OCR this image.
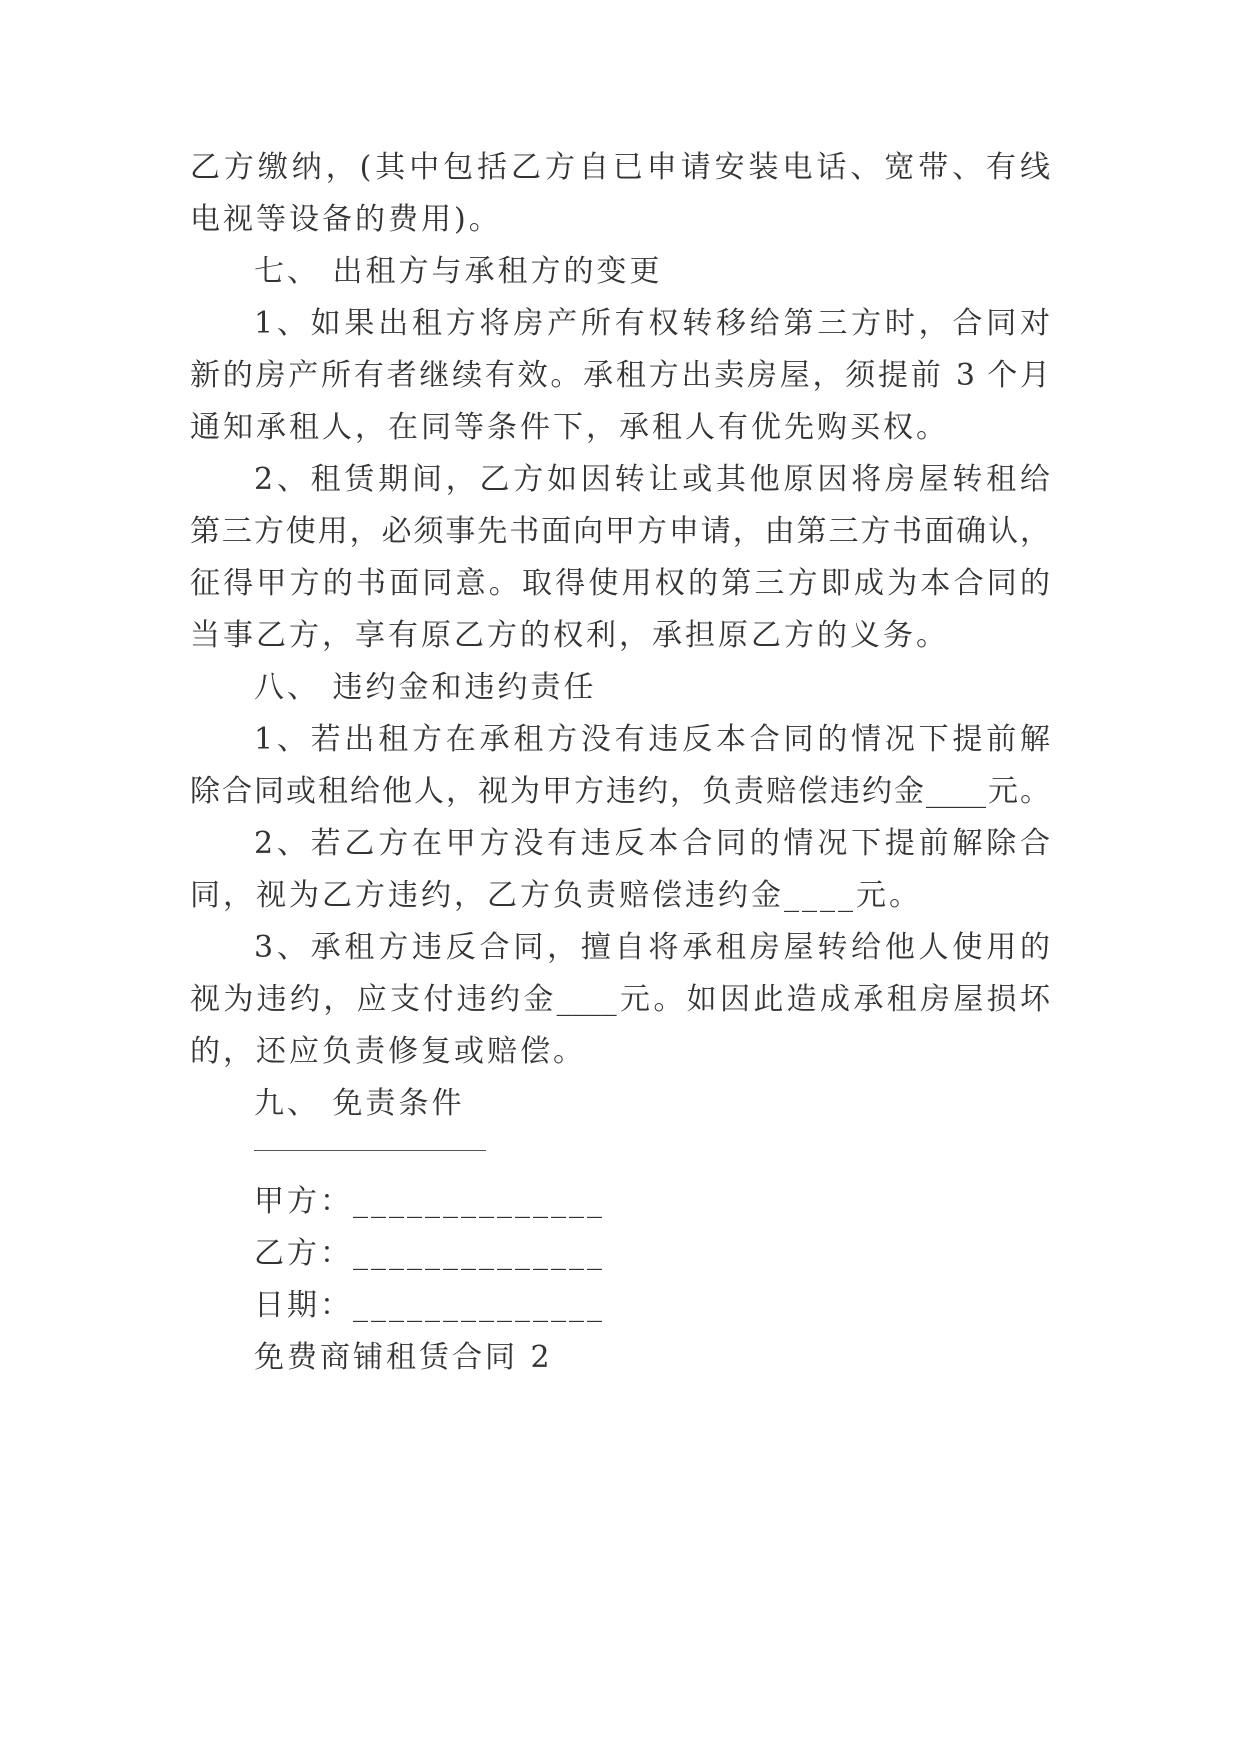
乙方缴纳，(其中包括乙方自已申请安装电话、宽带、有线
电视等设备的费用)。
七、 出租方与承租方的变更
1、如果出租方将房产所有权转移给第三方时，合同对
新的房产所有者继续有效。承租方出卖房屋，须提前 3 个月
通知承租人，在同等条件下，承租人有优先购买权。
2、租赁期间，乙方如因转让或其他原因将房屋转租给
第三方使用，必须事先书面向甲方申请，由第三方书面确认，
征得甲方的书面同意。取得使用权的第三方即成为本合同的
当事乙方，享有原乙方的权利，承担原乙方的义务。
八、 违约金和违约责任
1、若出租方在承租方没有违反本合同的情况下提前解
除合同或租给他人，视为甲方违约，负责赔偿违约金____元。
2、若乙方在甲方没有违反本合同的情况下提前解除合
同，视为乙方违约，乙方负责赔偿违约金____元。
3、承租方违反合同，擅自将承租房屋转给他人使用的
视为违约，应支付违约金____元。如因此造成承租房屋损坏
的，还应负责修复或赔偿。
九、 免责条件
甲方：______________
乙方：______________
日期：______________
免费商铺租赁合同 2
